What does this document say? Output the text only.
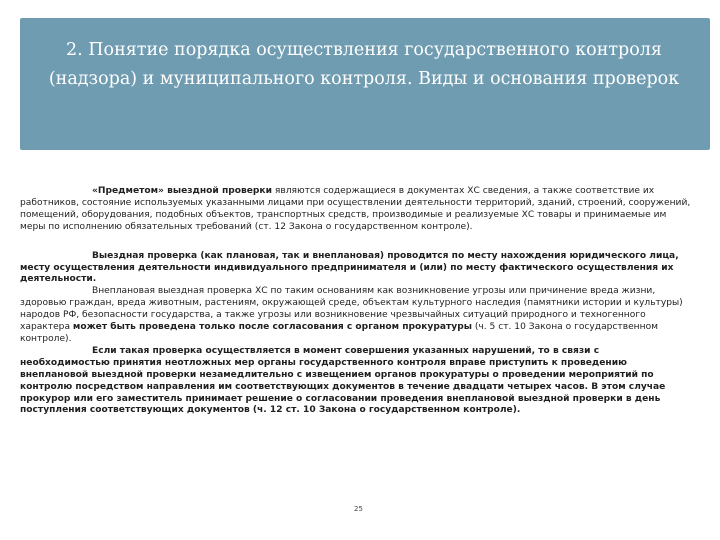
2. Понятие порядка осуществления государственного контроля (надзора) и муниципального контроля. Виды и основания проверок

«Предметом» выездной проверки являются содержащиеся в документах ХС сведения, а также соответствие их работников, состояние используемых указанными лицами при осуществлении деятельности территорий, зданий, строений, сооружений, помещений, оборудования, подобных объектов, транспортных средств, производимые и реализуемые ХС товары и принимаемые им меры по исполнению обязательных требований (ст. 12 Закона о государственном контроле).

Выездная проверка (как плановая, так и внеплановая) проводится по месту нахождения юридического лица, месту осуществления деятельности индивидуального предпринимателя и (или) по месту фактического осуществления их деятельности.

Внеплановая выездная проверка ХС по таким основаниям как возникновение угрозы или причинение вреда жизни, здоровью граждан, вреда животным, растениям, окружающей среде, объектам культурного наследия (памятники истории и культуры) народов РФ, безопасности государства, а также угрозы или возникновение чрезвычайных ситуаций природного и техногенного характера может быть проведена только после согласования с органом прокуратуры (ч. 5 ст. 10 Закона о государственном контроле).

Если такая проверка осуществляется в момент совершения указанных нарушений, то в связи с необходимостью принятия неотложных мер органы государственного контроля вправе приступить к проведению внеплановой выездной проверки незамедлительно с извещением органов прокуратуры о проведении мероприятий по контролю посредством направления им соответствующих документов в течение двадцати четырех часов. В этом случае прокурор или его заместитель принимает решение о согласовании проведения внеплановой выездной проверки в день поступления соответствующих документов (ч. 12 ст. 10 Закона о государственном контроле).

25
